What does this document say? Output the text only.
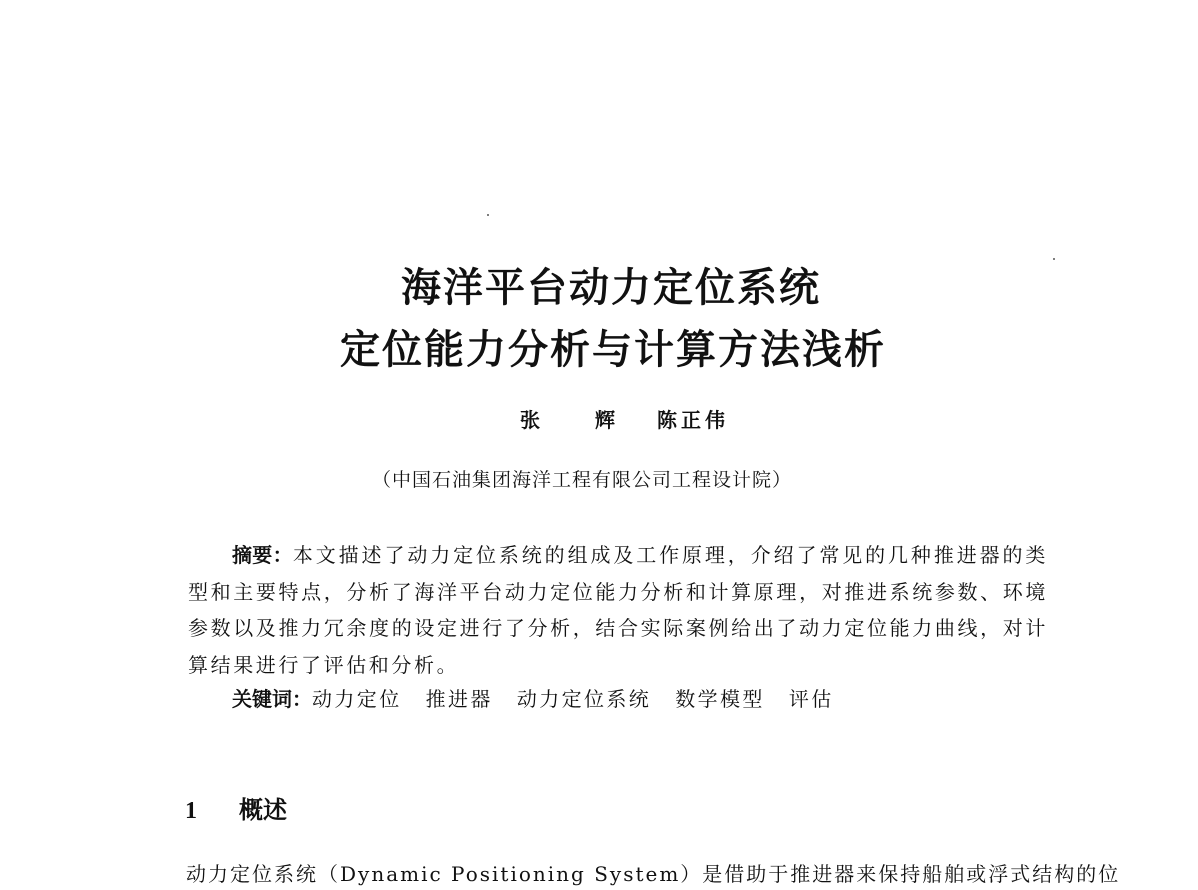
海洋平台动力定位系统
定位能力分析与计算方法浅析
张 辉 陈正伟
（中国石油集团海洋工程有限公司工程设计院）
摘要：本文描述了动力定位系统的组成及工作原理，介绍了常见的几种推进器的类型和主要特点，分析了海洋平台动力定位能力分析和计算原理，对推进系统参数、环境参数以及推力冗余度的设定进行了分析，结合实际案例给出了动力定位能力曲线，对计算结果进行了评估和分析。
关键词：动力定位 推进器 动力定位系统 数学模型 评估
1 概述
动力定位系统（Dynamic Positioning System）是借助于推进器来保持船舶或浮式结构的位
